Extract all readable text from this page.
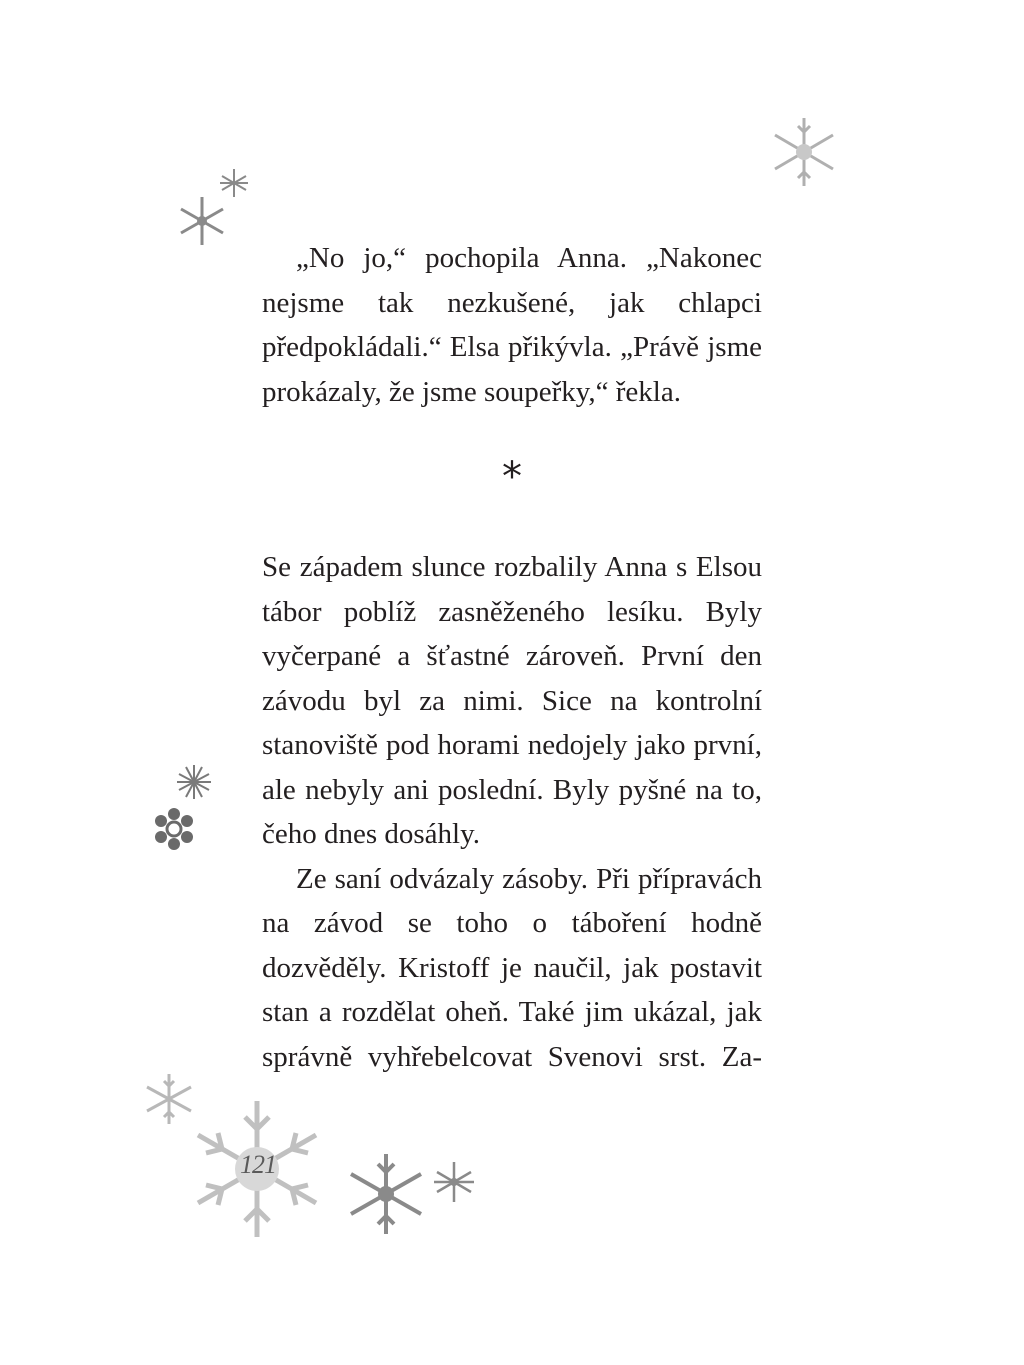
„No jo,“ pochopila Anna. „Nakonec nejsme tak nezkušené, jak chlapci předpokládali.“ Elsa přikývla. „Právě jsme prokázaly, že jsme soupeřky,“ řekla.

*

Se západem slunce rozbalily Anna s Elsou tábor poblíž zasněženého lesíku. Byly vyčerpané a šťastné zároveň. První den závodu byl za nimi. Sice na kontrolní stanoviště pod horami nedojely jako první, ale nebyly ani poslední. Byly pyšné na to, čeho dnes dosáhly.

Ze saní odvázaly zásoby. Při přípravách na závod se toho o táboření hodně dozvěděly. Kristoff je naučil, jak postavit stan a rozdělat oheň. Také jim ukázal, jak správně vyhřebelcovat Svenovi srst. Za-

121
